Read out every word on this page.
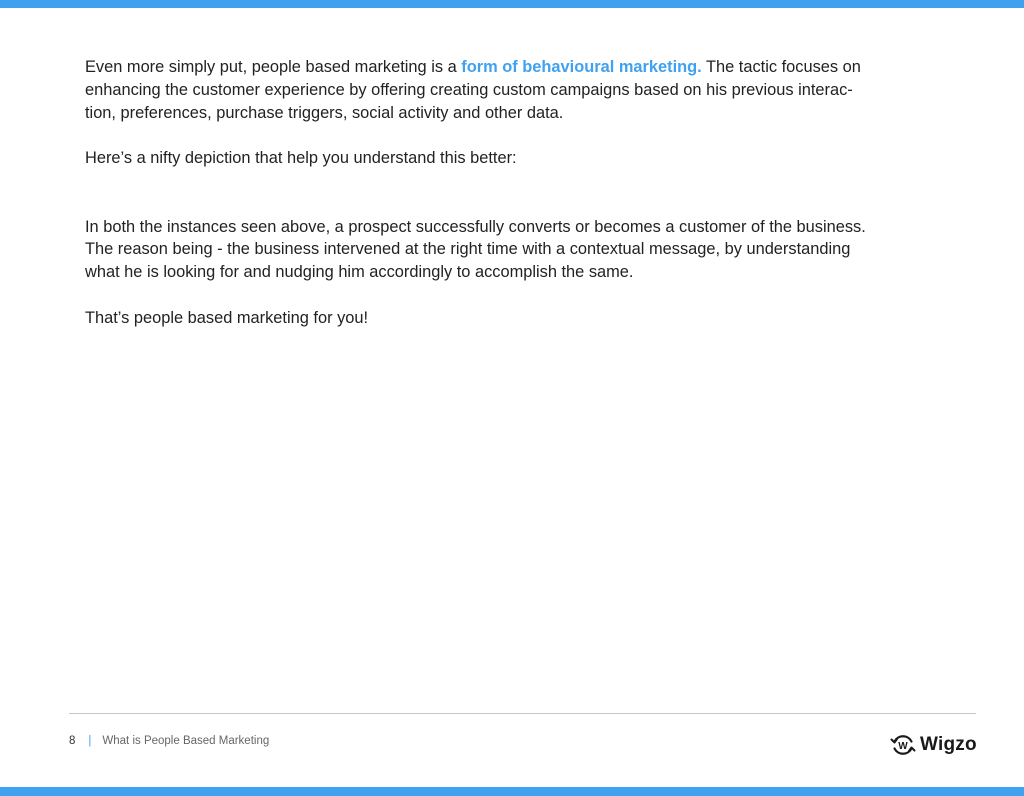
Even more simply put, people based marketing is a form of behavioural marketing. The tactic focuses on

enhancing the customer experience by offering creating custom campaigns based on his previous interac-

tion, preferences, purchase triggers, social activity and other data.

Here’s a nifty depiction that help you understand this better:

In both the instances seen above, a prospect successfully converts or becomes a customer of the business.

The reason being - the business intervened at the right time with a contextual message, by understanding

what he is looking for and nudging him accordingly to accomplish the same.

That’s people based marketing for you!

8 | What is People Based Marketing	W Wigzo
